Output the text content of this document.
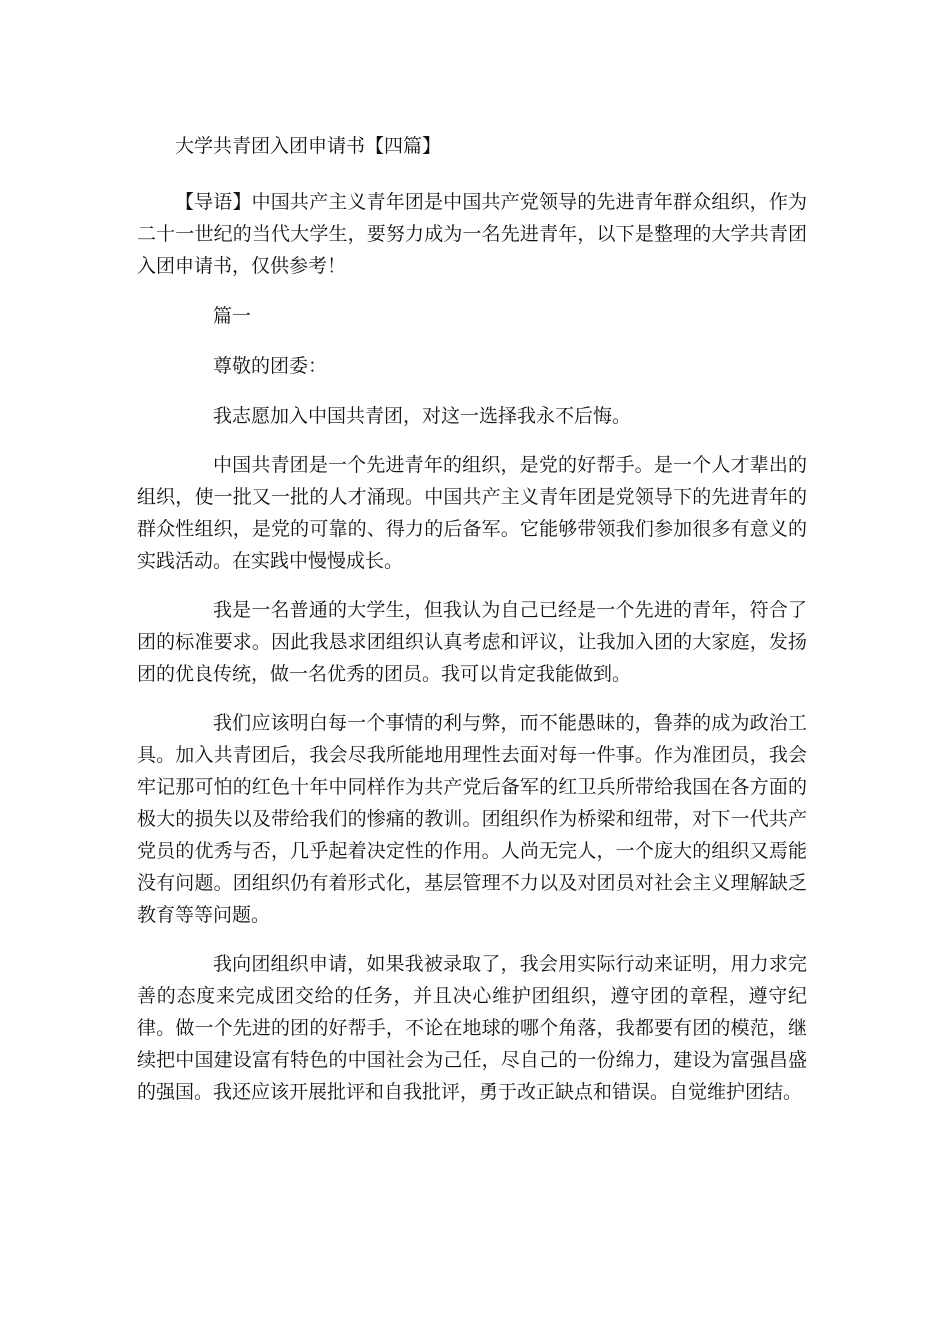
大学共青团入团申请书【四篇】

【导语】中国共产主义青年团是中国共产党领导的先进青年群众组织，作为二十一世纪的当代大学生，要努力成为一名先进青年，以下是整理的大学共青团入团申请书，仅供参考！

篇一

尊敬的团委：

我志愿加入中国共青团，对这一选择我永不后悔。

中国共青团是一个先进青年的组织，是党的好帮手。是一个人才辈出的组织，使一批又一批的人才涌现。中国共产主义青年团是党领导下的先进青年的群众性组织，是党的可靠的、得力的后备军。它能够带领我们参加很多有意义的实践活动。在实践中慢慢成长。

我是一名普通的大学生，但我认为自己已经是一个先进的青年，符合了团的标准要求。因此我恳求团组织认真考虑和评议，让我加入团的大家庭，发扬团的优良传统，做一名优秀的团员。我可以肯定我能做到。

我们应该明白每一个事情的利与弊，而不能愚昧的，鲁莽的成为政治工具。加入共青团后，我会尽我所能地用理性去面对每一件事。作为准团员，我会牢记那可怕的红色十年中同样作为共产党后备军的红卫兵所带给我国在各方面的极大的损失以及带给我们的惨痛的教训。团组织作为桥梁和纽带，对下一代共产党员的优秀与否，几乎起着决定性的作用。人尚无完人，一个庞大的组织又焉能没有问题。团组织仍有着形式化，基层管理不力以及对团员对社会主义理解缺乏教育等等问题。

我向团组织申请，如果我被录取了，我会用实际行动来证明，用力求完善的态度来完成团交给的任务，并且决心维护团组织，遵守团的章程，遵守纪律。做一个先进的团的好帮手，不论在地球的哪个角落，我都要有团的模范，继续把中国建设富有特色的中国社会为己任，尽自己的一份绵力，建设为富强昌盛的强国。我还应该开展批评和自我批评，勇于改正缺点和错误。自觉维护团结。
